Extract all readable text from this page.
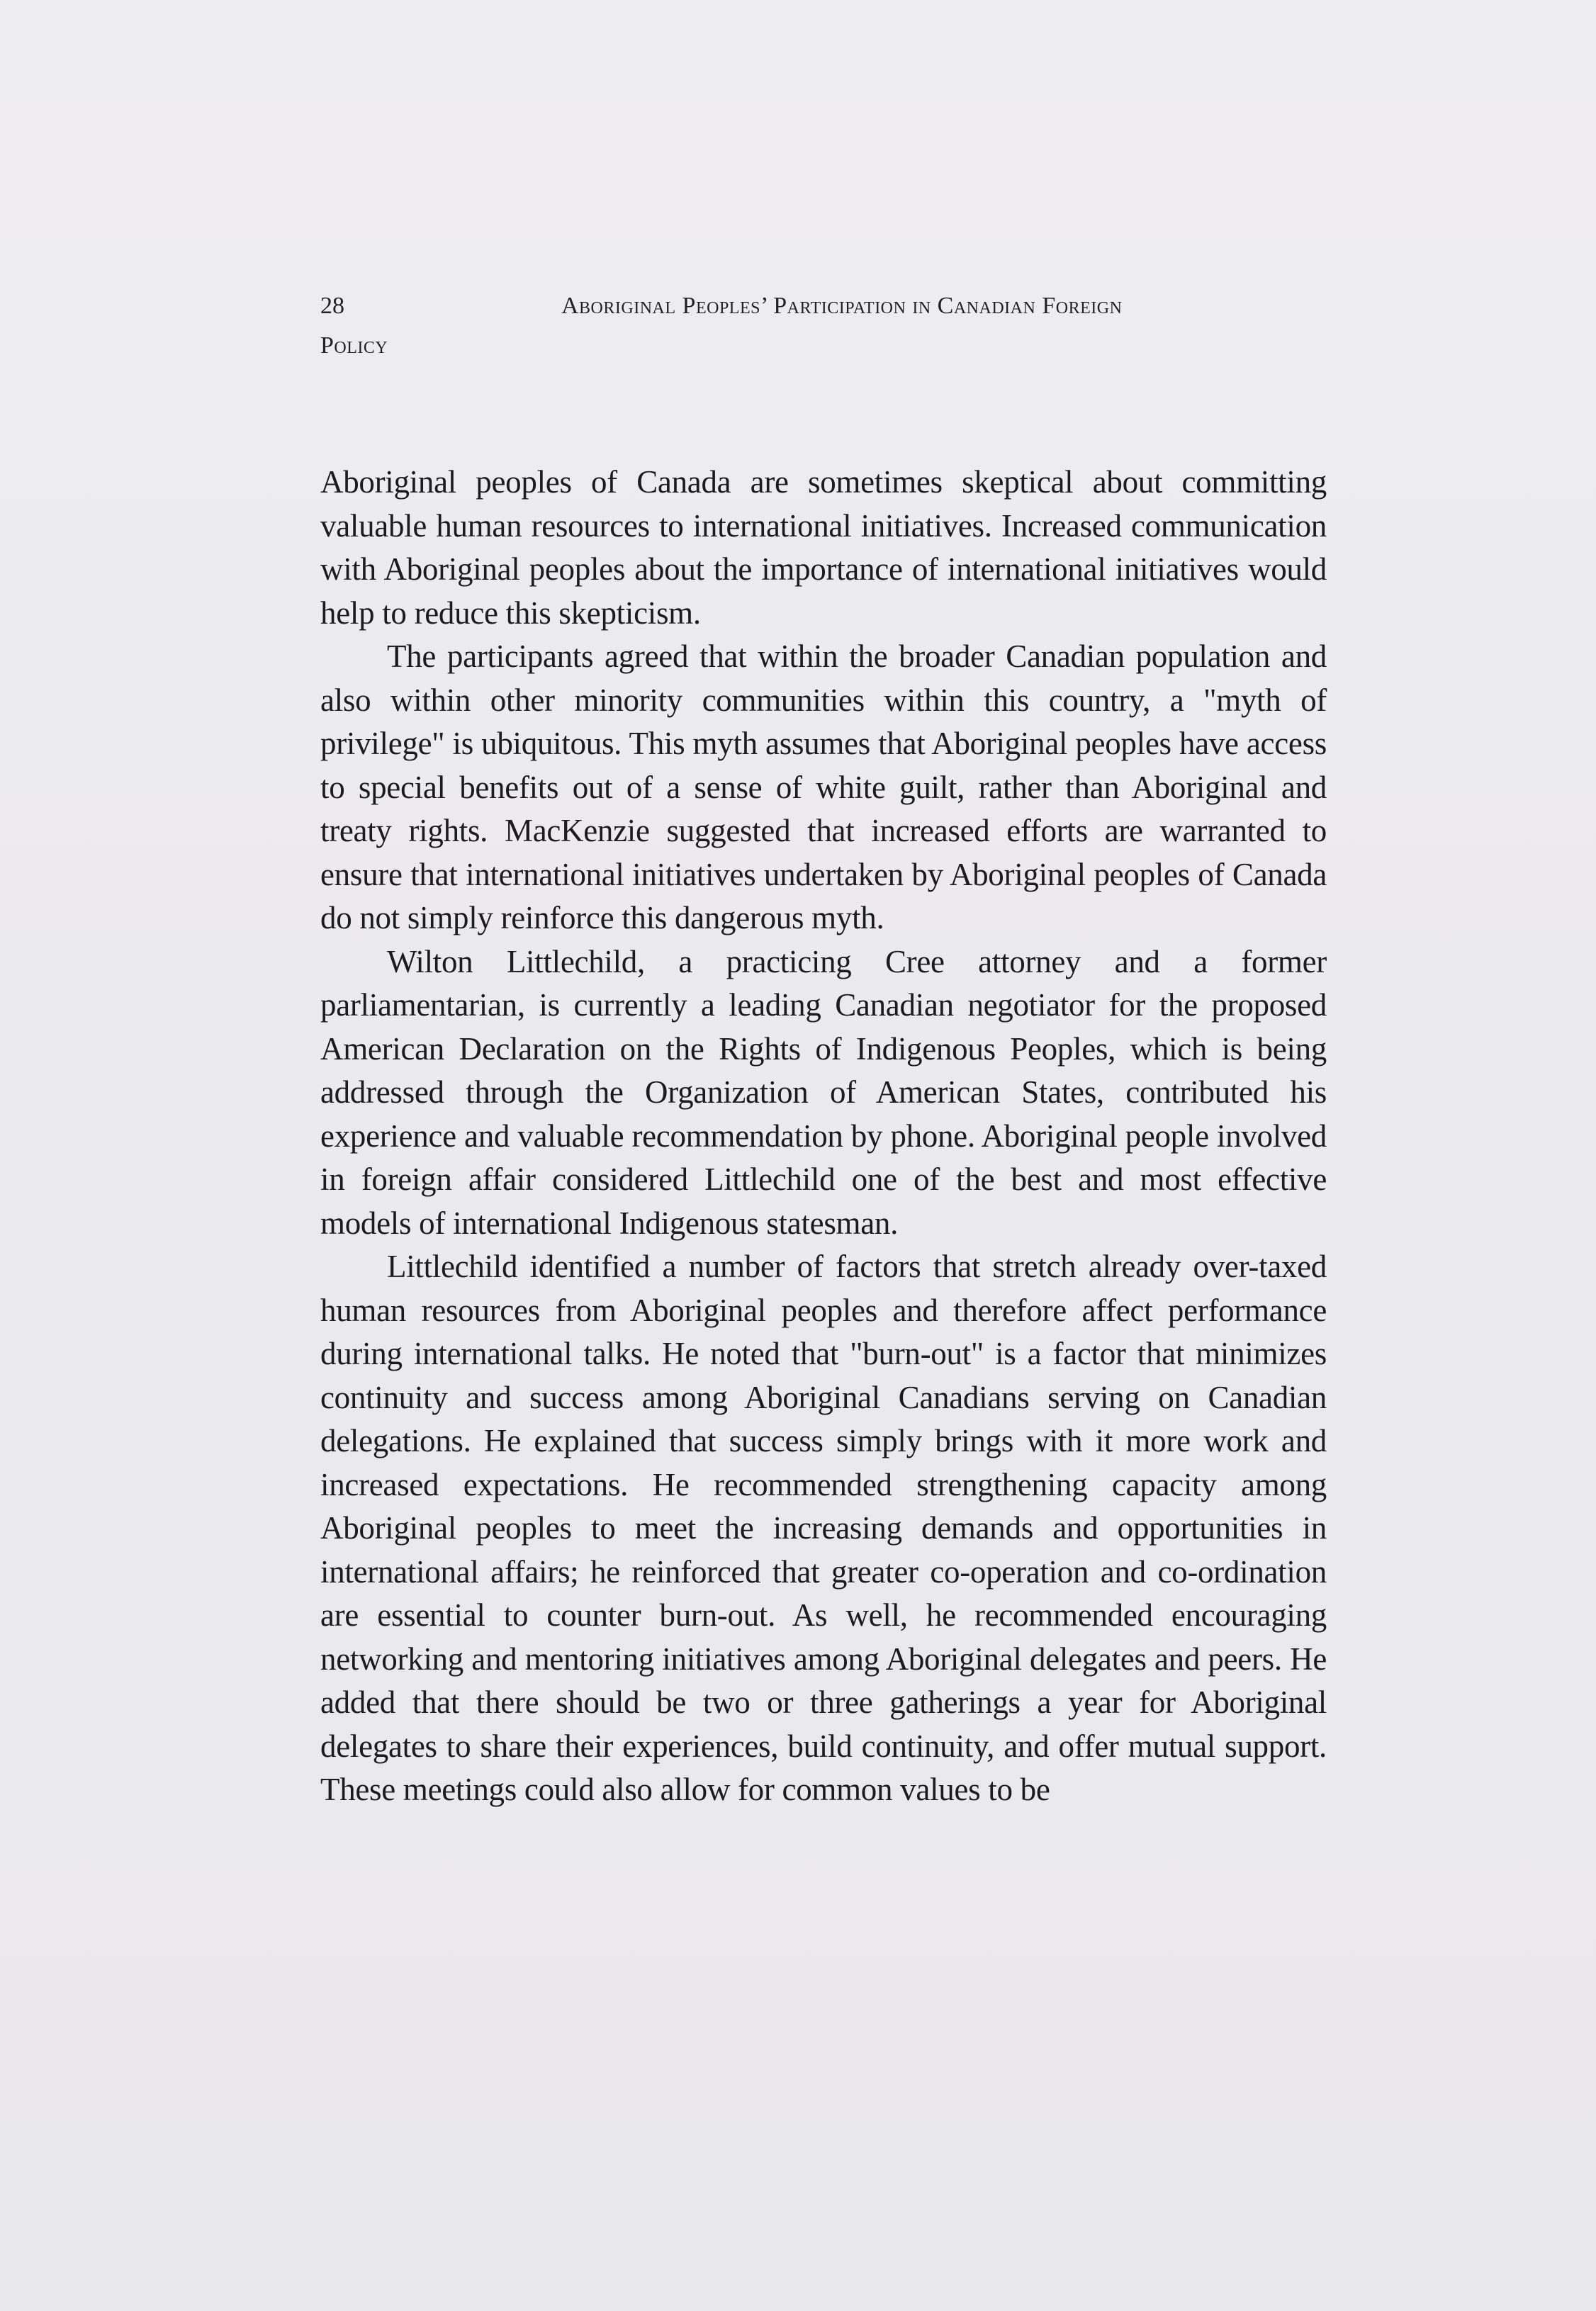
28	Aboriginal Peoples’ Participation in Canadian Foreign
Policy

Aboriginal peoples of Canada are sometimes skeptical about committing valuable human resources to international initiatives. Increased communication with Aboriginal peoples about the importance of international initiatives would help to reduce this skepticism.

The participants agreed that within the broader Canadian population and also within other minority communities within this country, a "myth of privilege" is ubiquitous. This myth assumes that Aboriginal peoples have access to special benefits out of a sense of white guilt, rather than Aboriginal and treaty rights. MacKenzie suggested that increased efforts are warranted to ensure that international initiatives undertaken by Aboriginal peoples of Canada do not simply reinforce this dangerous myth.

Wilton Littlechild, a practicing Cree attorney and a former parliamentarian, is currently a leading Canadian negotiator for the proposed American Declaration on the Rights of Indigenous Peoples, which is being addressed through the Organization of American States, contributed his experience and valuable recommendation by phone. Aboriginal people involved in foreign affair considered Littlechild one of the best and most effective models of international Indigenous statesman.

Littlechild identified a number of factors that stretch already over-taxed human resources from Aboriginal peoples and therefore affect performance during international talks. He noted that "burn-out" is a factor that minimizes continuity and success among Aboriginal Canadians serving on Canadian delegations. He explained that success simply brings with it more work and increased expectations. He recommended strengthening capacity among Aboriginal peoples to meet the increasing demands and opportunities in international affairs; he reinforced that greater co-operation and co-ordination are essential to counter burn-out. As well, he recommended encouraging networking and mentoring initiatives among Aboriginal delegates and peers. He added that there should be two or three gatherings a year for Aboriginal delegates to share their experiences, build continuity, and offer mutual support. These meetings could also allow for common values to be
